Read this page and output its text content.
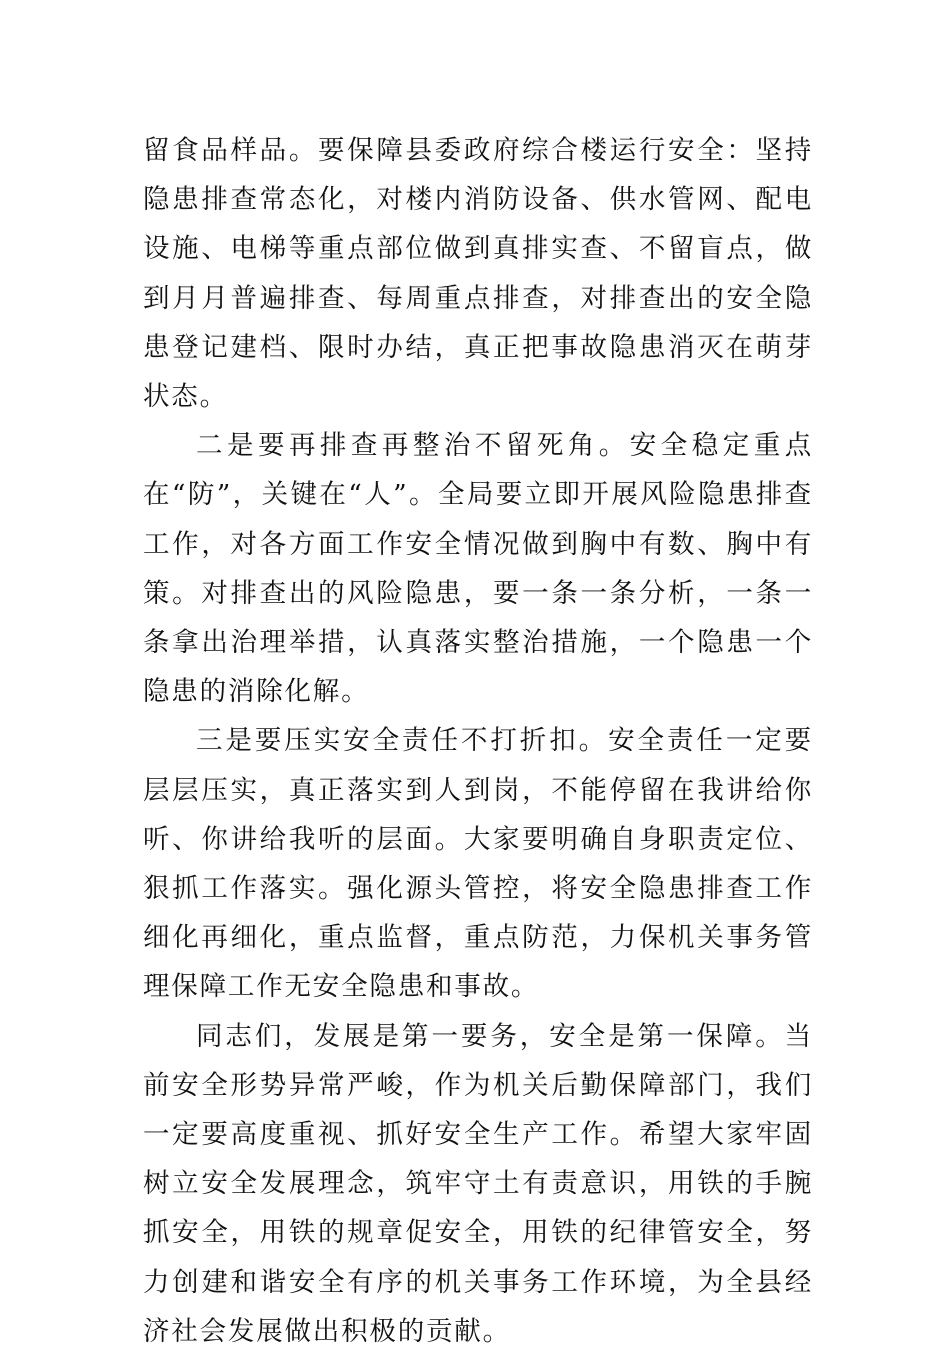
留食品样品。要保障县委政府综合楼运行安全：坚持隐患排查常态化，对楼内消防设备、供水管网、配电设施、电梯等重点部位做到真排实查、不留盲点，做到月月普遍排查、每周重点排查，对排查出的安全隐患登记建档、限时办结，真正把事故隐患消灭在萌芽状态。

二是要再排查再整治不留死角。安全稳定重点在“防”，关键在“人”。全局要立即开展风险隐患排查工作，对各方面工作安全情况做到胸中有数、胸中有策。对排查出的风险隐患，要一条一条分析，一条一条拿出治理举措，认真落实整治措施，一个隐患一个隐患的消除化解。

三是要压实安全责任不打折扣。安全责任一定要层层压实，真正落实到人到岗，不能停留在我讲给你听、你讲给我听的层面。大家要明确自身职责定位、狠抓工作落实。强化源头管控，将安全隐患排查工作细化再细化，重点监督，重点防范，力保机关事务管理保障工作无安全隐患和事故。

同志们，发展是第一要务，安全是第一保障。当前安全形势异常严峻，作为机关后勤保障部门，我们一定要高度重视、抓好安全生产工作。希望大家牢固树立安全发展理念，筑牢守土有责意识，用铁的手腕抓安全，用铁的规章促安全，用铁的纪律管安全，努力创建和谐安全有序的机关事务工作环境，为全县经济社会发展做出积极的贡献。
